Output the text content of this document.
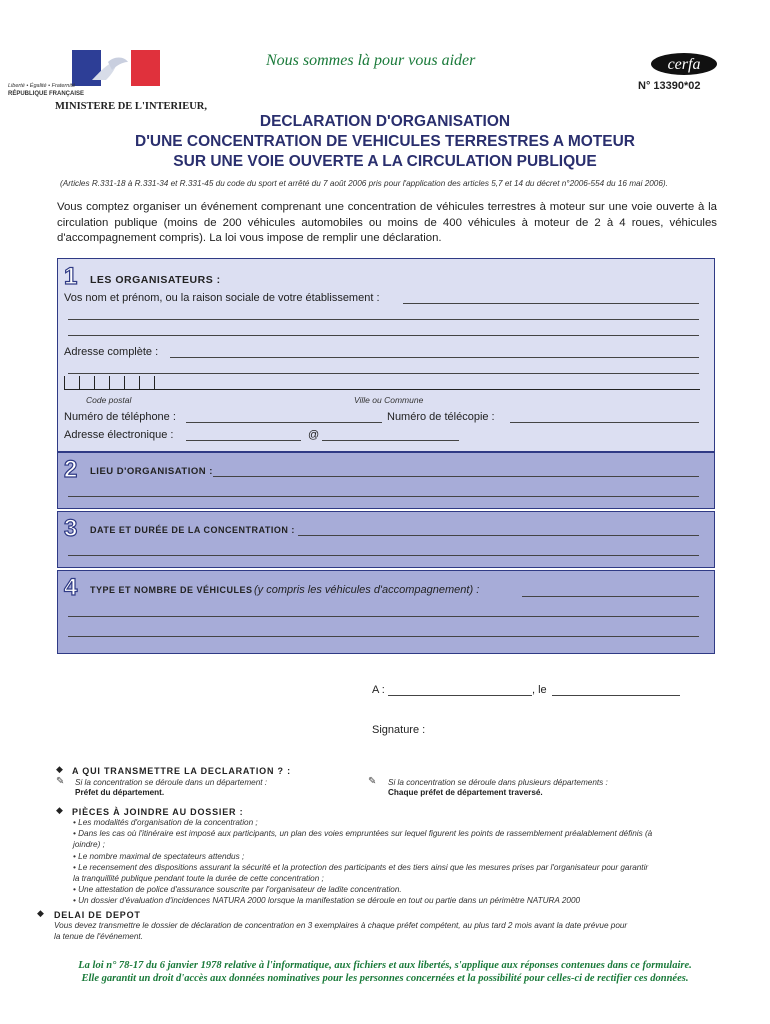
Liberté • Égalité • Fraternité
RÉPUBLIQUE FRANÇAISE
MINISTERE DE L'INTERIEUR,
Nous sommes là pour vous aider	cerfa
N° 13390*02
DECLARATION D'ORGANISATION
D'UNE CONCENTRATION DE VEHICULES TERRESTRES A MOTEUR
SUR UNE VOIE OUVERTE A LA CIRCULATION PUBLIQUE
(Articles R.331-18 à R.331-34 et R.331-45 du code du sport et arrêté du 7 août 2006 pris pour l'application des articles 5,7 et 14 du décret n°2006-554 du 16 mai 2006).
Vous comptez organiser un événement comprenant une concentration de véhicules terrestres à moteur sur une voie ouverte à la circulation publique (moins de 200 véhicules automobiles ou moins de 400 véhicules à moteur de 2 à 4 roues, véhicules d'accompagnement compris). La loi vous impose de remplir une déclaration.
1 LES ORGANISATEURS :
Vos nom et prénom, ou la raison sociale de votre établissement :
Adresse complète :
Code postal	Ville ou Commune
Numéro de téléphone :	Numéro de télécopie :
Adresse électronique :	@
2 LIEU D'ORGANISATION :
3 DATE ET DURÉE DE LA CONCENTRATION :
4 TYPE ET NOMBRE DE VÉHICULES (y compris les véhicules d'accompagnement) :
A :	, le
Signature :
◆ A QUI TRANSMETTRE LA DECLARATION ? :
✎ Si la concentration se déroule dans un département :
Préfet du département.
✎ Si la concentration se déroule dans plusieurs départements :
Chaque préfet de département traversé.
◆ PIÈCES À JOINDRE AU DOSSIER :
• Les modalités d'organisation de la concentration ;
• Dans les cas où l'itinéraire est imposé aux participants, un plan des voies empruntées sur lequel figurent les points de rassemblement préalablement définis (à
joindre) ;
• Le nombre maximal de spectateurs attendus ;
• Le recensement des dispositions assurant la sécurité et la protection des participants et des tiers ainsi que les mesures prises par l'organisateur pour garantir
la tranquillité publique pendant toute la durée de cette concentration ;
• Une attestation de police d'assurance souscrite par l'organisateur de ladite concentration.
• Un dossier d'évaluation d'incidences NATURA 2000 lorsque la manifestation se déroule en tout ou partie dans un périmètre NATURA 2000
◆ DELAI DE DEPOT
Vous devez transmettre le dossier de déclaration de concentration en 3 exemplaires à chaque préfet compétent, au plus tard 2 mois avant la date prévue pour
la tenue de l'événement.
La loi n° 78-17 du 6 janvier 1978 relative à l'informatique, aux fichiers et aux libertés, s'applique aux réponses contenues dans ce formulaire.
Elle garantit un droit d'accès aux données nominatives pour les personnes concernées et la possibilité pour celles-ci de rectifier ces données.
